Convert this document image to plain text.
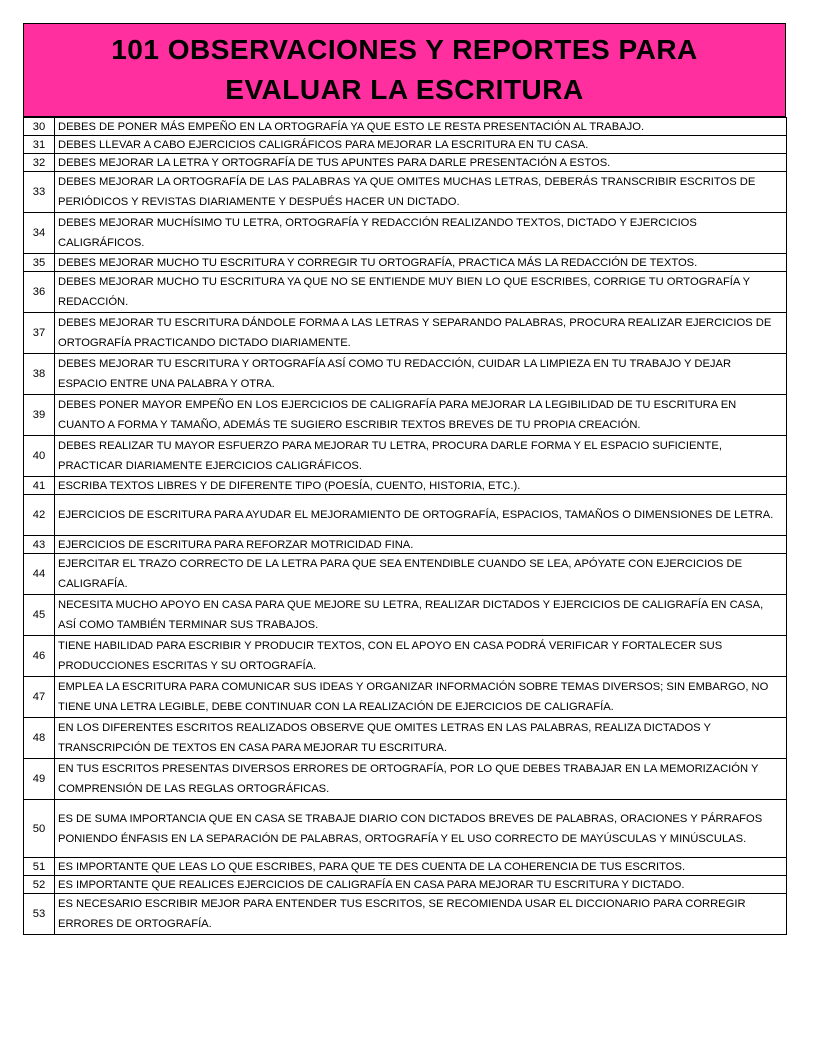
101 OBSERVACIONES Y REPORTES PARA
EVALUAR LA ESCRITURA
30	DEBES DE PONER MÁS EMPEÑO EN LA ORTOGRAFÍA YA QUE ESTO LE RESTA PRESENTACIÓN AL TRABAJO.
31	DEBES LLEVAR A CABO EJERCICIOS CALIGRÁFICOS PARA MEJORAR LA ESCRITURA EN TU CASA.
32	DEBES MEJORAR LA LETRA Y ORTOGRAFÍA DE TUS APUNTES PARA DARLE PRESENTACIÓN A ESTOS.
33	DEBES MEJORAR LA ORTOGRAFÍA DE LAS PALABRAS YA QUE OMITES MUCHAS LETRAS, DEBERÁS TRANSCRIBIR ESCRITOS DE PERIÓDICOS Y REVISTAS DIARIAMENTE Y DESPUÉS HACER UN DICTADO.
34	DEBES MEJORAR MUCHÍSIMO TU LETRA, ORTOGRAFÍA Y REDACCIÓN REALIZANDO TEXTOS, DICTADO Y EJERCICIOS CALIGRÁFICOS.
35	DEBES MEJORAR MUCHO TU ESCRITURA Y CORREGIR TU ORTOGRAFÍA, PRACTICA MÁS LA REDACCIÓN DE TEXTOS.
36	DEBES MEJORAR MUCHO TU ESCRITURA YA QUE NO SE ENTIENDE MUY BIEN LO QUE ESCRIBES, CORRIGE TU ORTOGRAFÍA Y REDACCIÓN.
37	DEBES MEJORAR TU ESCRITURA DÁNDOLE FORMA A LAS LETRAS Y SEPARANDO PALABRAS, PROCURA REALIZAR EJERCICIOS DE ORTOGRAFÍA PRACTICANDO DICTADO DIARIAMENTE.
38	DEBES MEJORAR TU ESCRITURA Y ORTOGRAFÍA ASÍ COMO TU REDACCIÓN, CUIDAR LA LIMPIEZA EN TU TRABAJO Y DEJAR ESPACIO ENTRE UNA PALABRA Y OTRA.
39	DEBES PONER MAYOR EMPEÑO EN LOS EJERCICIOS DE CALIGRAFÍA PARA MEJORAR LA LEGIBILIDAD DE TU ESCRITURA EN CUANTO A FORMA Y TAMAÑO, ADEMÁS TE SUGIERO ESCRIBIR TEXTOS BREVES DE TU PROPIA CREACIÓN.
40	DEBES REALIZAR TU MAYOR ESFUERZO PARA MEJORAR TU LETRA, PROCURA DARLE FORMA Y EL ESPACIO SUFICIENTE, PRACTICAR DIARIAMENTE EJERCICIOS CALIGRÁFICOS.
41	ESCRIBA TEXTOS LIBRES Y DE DIFERENTE TIPO (POESÍA, CUENTO, HISTORIA, ETC.).
42	EJERCICIOS DE ESCRITURA PARA AYUDAR EL MEJORAMIENTO DE ORTOGRAFÍA, ESPACIOS, TAMAÑOS O DIMENSIONES DE LETRA.
43	EJERCICIOS DE ESCRITURA PARA REFORZAR MOTRICIDAD FINA.
44	EJERCITAR EL TRAZO CORRECTO DE LA LETRA PARA QUE SEA ENTENDIBLE CUANDO SE LEA, APÓYATE CON EJERCICIOS DE CALIGRAFÍA.
45	NECESITA MUCHO APOYO EN CASA PARA QUE MEJORE SU LETRA, REALIZAR DICTADOS Y EJERCICIOS DE CALIGRAFÍA EN CASA, ASÍ COMO TAMBIÉN TERMINAR SUS TRABAJOS.
46	TIENE HABILIDAD PARA ESCRIBIR Y PRODUCIR TEXTOS, CON EL APOYO EN CASA PODRÁ VERIFICAR Y FORTALECER SUS PRODUCCIONES ESCRITAS Y SU ORTOGRAFÍA.
47	EMPLEA LA ESCRITURA PARA COMUNICAR SUS IDEAS Y ORGANIZAR INFORMACIÓN SOBRE TEMAS DIVERSOS; SIN EMBARGO, NO TIENE UNA LETRA LEGIBLE, DEBE CONTINUAR CON LA REALIZACIÓN DE EJERCICIOS DE CALIGRAFÍA.
48	EN LOS DIFERENTES ESCRITOS REALIZADOS OBSERVE QUE OMITES LETRAS EN LAS PALABRAS, REALIZA DICTADOS Y TRANSCRIPCIÓN DE TEXTOS EN CASA PARA MEJORAR TU ESCRITURA.
49	EN TUS ESCRITOS PRESENTAS DIVERSOS ERRORES DE ORTOGRAFÍA, POR LO QUE DEBES TRABAJAR EN LA MEMORIZACIÓN Y COMPRENSIÓN DE LAS REGLAS ORTOGRÁFICAS.
50	ES DE SUMA IMPORTANCIA QUE EN CASA SE TRABAJE DIARIO CON DICTADOS BREVES DE PALABRAS, ORACIONES Y PÁRRAFOS PONIENDO ÉNFASIS EN LA SEPARACIÓN DE PALABRAS, ORTOGRAFÍA Y EL USO CORRECTO DE MAYÚSCULAS Y MINÚSCULAS.
51	ES IMPORTANTE QUE LEAS LO QUE ESCRIBES, PARA QUE TE DES CUENTA DE LA COHERENCIA DE TUS ESCRITOS.
52	ES IMPORTANTE QUE REALICES EJERCICIOS DE CALIGRAFÍA EN CASA PARA MEJORAR TU ESCRITURA Y DICTADO.
53	ES NECESARIO ESCRIBIR MEJOR PARA ENTENDER TUS ESCRITOS, SE RECOMIENDA USAR EL DICCIONARIO PARA CORREGIR ERRORES DE ORTOGRAFÍA.
